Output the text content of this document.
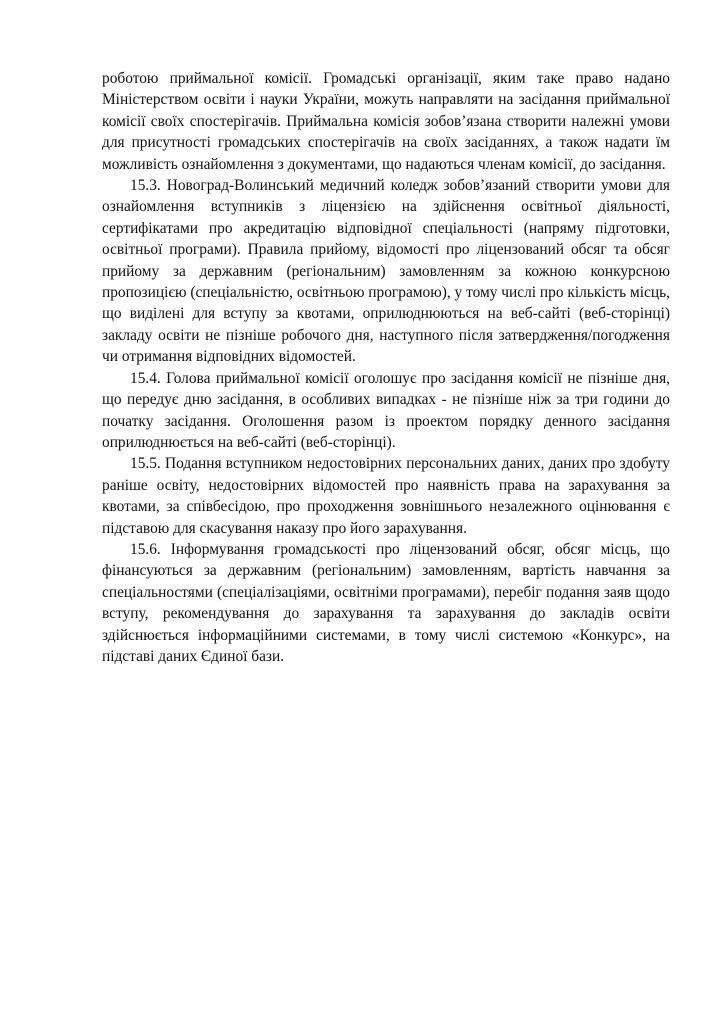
роботою приймальної комісії. Громадські організації, яким таке право надано Міністерством освіти і науки України, можуть направляти на засідання приймальної комісії своїх спостерігачів. Приймальна комісія зобов’язана створити належні умови для присутності громадських спостерігачів на своїх засіданнях, а також надати їм можливість ознайомлення з документами, що надаються членам комісії, до засідання.

15.3. Новоград-Волинський медичний коледж зобов’язаний створити умови для ознайомлення вступників з ліцензією на здійснення освітньої діяльності, сертифікатами про акредитацію відповідної спеціальності (напряму підготовки, освітньої програми). Правила прийому, відомості про ліцензований обсяг та обсяг прийому за державним (регіональним) замовленням за кожною конкурсною пропозицією (спеціальністю, освітньою програмою), у тому числі про кількість місць, що виділені для вступу за квотами, оприлюднюються на веб-сайті (веб-сторінці) закладу освіти не пізніше робочого дня, наступного після затвердження/погодження чи отримання відповідних відомостей.

15.4. Голова приймальної комісії оголошує про засідання комісії не пізніше дня, що передує дню засідання, в особливих випадках - не пізніше ніж за три години до початку засідання. Оголошення разом із проектом порядку денного засідання оприлюднюється на веб-сайті (веб-сторінці).

15.5. Подання вступником недостовірних персональних даних, даних про здобуту раніше освіту, недостовірних відомостей про наявність права на зарахування за квотами, за співбесідою, про проходження зовнішнього незалежного оцінювання є підставою для скасування наказу про його зарахування.

15.6. Інформування громадськості про ліцензований обсяг, обсяг місць, що фінансуються за державним (регіональним) замовленням, вартість навчання за спеціальностями (спеціалізаціями, освітніми програмами), перебіг подання заяв щодо вступу, рекомендування до зарахування та зарахування до закладів освіти здійснюється інформаційними системами, в тому числі системою «Конкурс», на підставі даних Єдиної бази.
